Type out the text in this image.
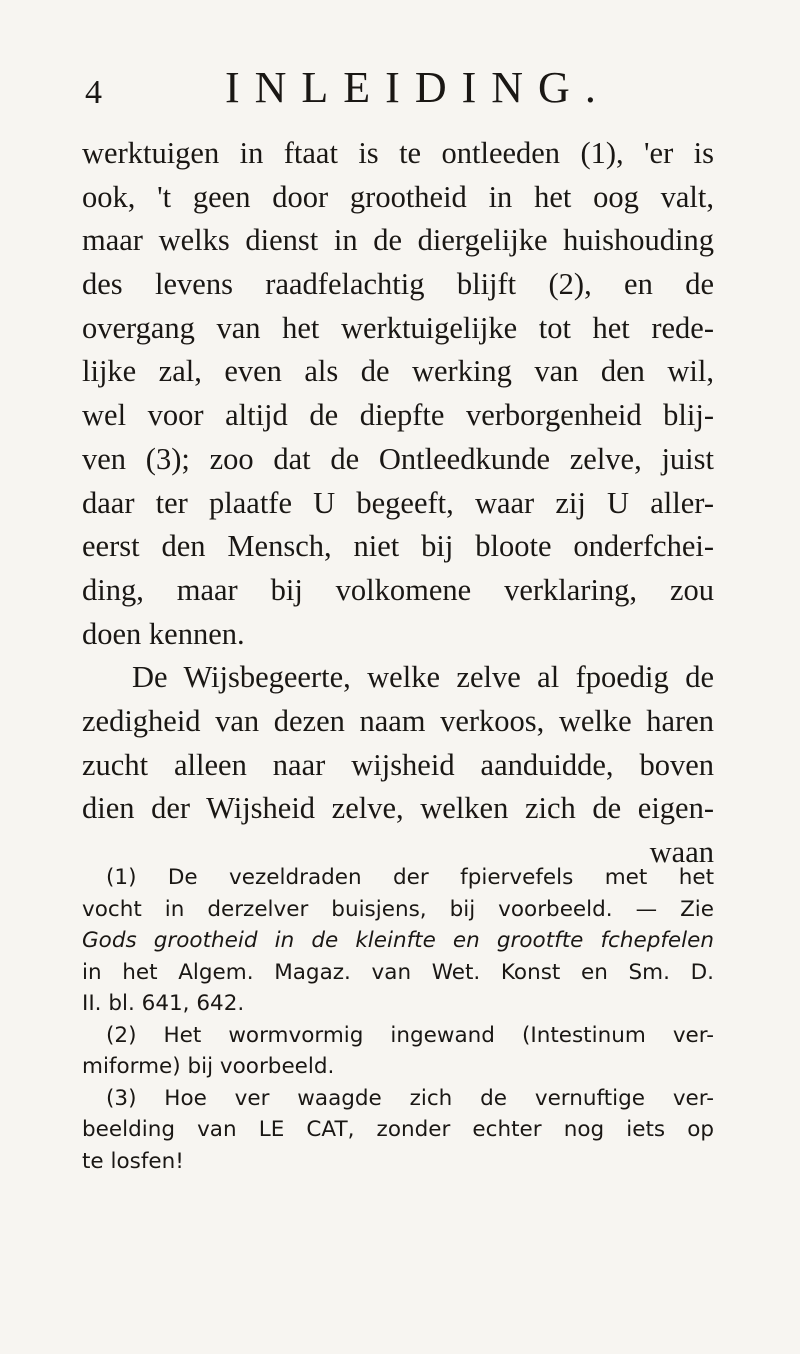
4	INLEIDING.
werktuigen in ftaat is te ontleeden (1), 'er is
ook, 't geen door grootheid in het oog valt,
maar welks dienst in de diergelijke huishouding
des levens raadfelachtig blijft (2), en de
overgang van het werktuigelijke tot het rede-
lijke zal, even als de werking van den wil,
wel voor altijd de diepfte verborgenheid blij-
ven (3); zoo dat de Ontleedkunde zelve, juist
daar ter plaatfe U begeeft, waar zij U aller-
eerst den Mensch, niet bij bloote onderfchei-
ding, maar bij volkomene verklaring, zou
doen kennen.
De Wijsbegeerte, welke zelve al fpoedig de
zedigheid van dezen naam verkoos, welke haren
zucht alleen naar wijsheid aanduidde, boven
dien der Wijsheid zelve, welken zich de eigen-
waan
(1) De vezeldraden der fpiervefels met het
vocht in derzelver buisjens, bij voorbeeld. — Zie
Gods grootheid in de kleinfte en grootfte fchepfelen
in het Algem. Magaz. van Wet. Konst en Sm. D.
II. bl. 641, 642.
(2) Het wormvormig ingewand (Intestinum ver-
miforme) bij voorbeeld.
(3) Hoe ver waagde zich de vernuftige ver-
beelding van LE CAT, zonder echter nog iets op
te losfen!
